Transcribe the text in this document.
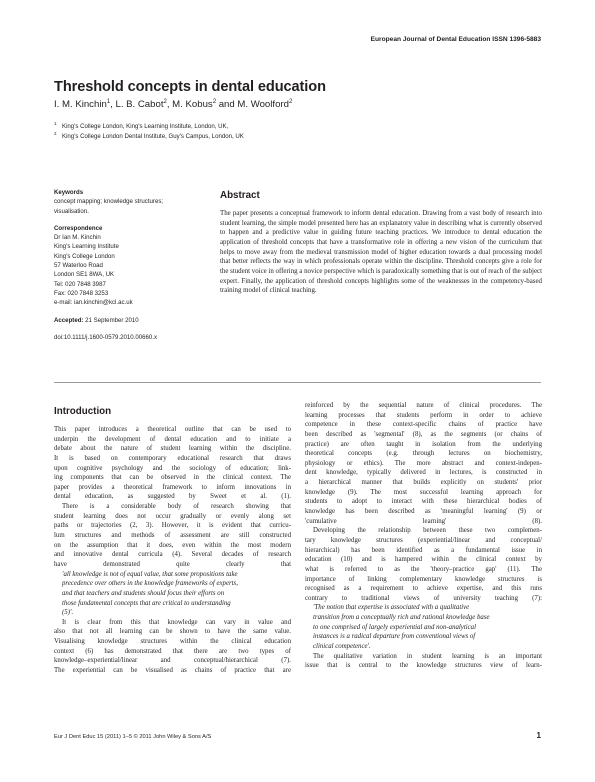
European Journal of Dental Education ISSN 1396-5883
Threshold concepts in dental education
I. M. Kinchin$^1$, L. B. Cabot$^2$, M. Kobus$^2$ and M. Woolford$^2$
$^1$ King's College London, King's Learning Institute, London, UK,
$^2$ King's College London Dental Institute, Guy's Campus, London, UK
Keywords
concept mapping; knowledge structures;
visualisation.
Correspondence
Dr Ian M. Kinchin
King's Learning Institute
King's College London
57 Waterloo Road
London SE1 8WA, UK
Tel: 020 7848 3987
Fax: 020 7848 3253
e-mail: ian.kinchin@kcl.ac.uk
Accepted: 21 September 2010
doi:10.1111/j.1600-0579.2010.00660.x
Abstract
The paper presents a conceptual framework to inform dental education. Drawing from a vast body of research into student learning, the simple model presented here has an explanatory value in describing what is currently observed to happen and a predictive value in guiding future teaching practices. We introduce to dental education the application of threshold concepts that have a transformative role in offering a new vision of the curriculum that helps to move away from the medieval transmission model of higher education towards a dual processing model that better reflects the way in which professionals operate within the discipline. Threshold concepts give a role for the student voice in offering a novice perspective which is paradoxically something that is out of reach of the subject expert. Finally, the application of threshold concepts highlights some of the weaknesses in the competency-based training model of clinical teaching.
Introduction
This paper introduces a theoretical outline that can be used to
underpin the development of dental education and to initiate a
debate about the nature of student learning within the discipline.
It is based on contemporary educational research that draws
upon cognitive psychology and the sociology of education; link-
ing components that can be observed in the clinical context. The
paper provides a theoretical framework to inform innovations in
dental education, as suggested by Sweet et al. (1).
There is a considerable body of research showing that
student learning does not occur gradually or evenly along set
paths or trajectories (2, 3). However, it is evident that curricu-
lum structures and methods of assessment are still constructed
on the assumption that it does, even within the most modern
and innovative dental curricula (4). Several decades of research
have demonstrated quite clearly that
'all knowledge is not of equal value, that some propositions take
precedence over others in the knowledge frameworks of experts,
and that teachers and students should focus their efforts on
those fundamental concepts that are critical to understanding
(5)'.
It is clear from this that knowledge can vary in value and
also that not all learning can be shown to have the same value.
Visualising knowledge structures within the clinical education
context (6) has demonstrated that there are two types of
knowledge–experiential/linear and conceptual/hierarchical (7).
The experiential can be visualised as chains of practice that are
reinforced by the sequential nature of clinical procedures. The
learning processes that students perform in order to achieve
competence in these context-specific chains of practice have
been described as 'segmental' (8), as the segments (or chains of
practice) are often taught in isolation from the underlying
theoretical concepts (e.g. through lectures on biochemistry,
physiology or ethics). The more abstract and context-indepen-
dent knowledge, typically delivered in lectures, is constructed in
a hierarchical manner that builds explicitly on students' prior
knowledge (9). The most successful learning approach for
students to adopt to interact with these hierarchical bodies of
knowledge has been described as 'meaningful learning' (9) or
'cumulative learning' (8).
Developing the relationship between these two complemen-
tary knowledge structures (experiential/linear and conceptual/
hierarchical) has been identified as a fundamental issue in
education (10) and is hampered within the clinical context by
what is referred to as the 'theory–practice gap' (11). The
importance of linking complementary knowledge structures is
recognised as a requirement to achieve expertise, and this runs
contrary to traditional views of university teaching (7):
'The notion that expertise is associated with a qualitative
transition from a conceptually rich and rational knowledge base
to one comprised of largely experiential and non-analytical
instances is a radical departure from conventional views of
clinical competence'.
The qualitative variation in student learning is an important
issue that is central to the knowledge structures view of learn-
Eur J Dent Educ 15 (2011) 1–5 © 2011 John Wiley & Sons A/S	1
